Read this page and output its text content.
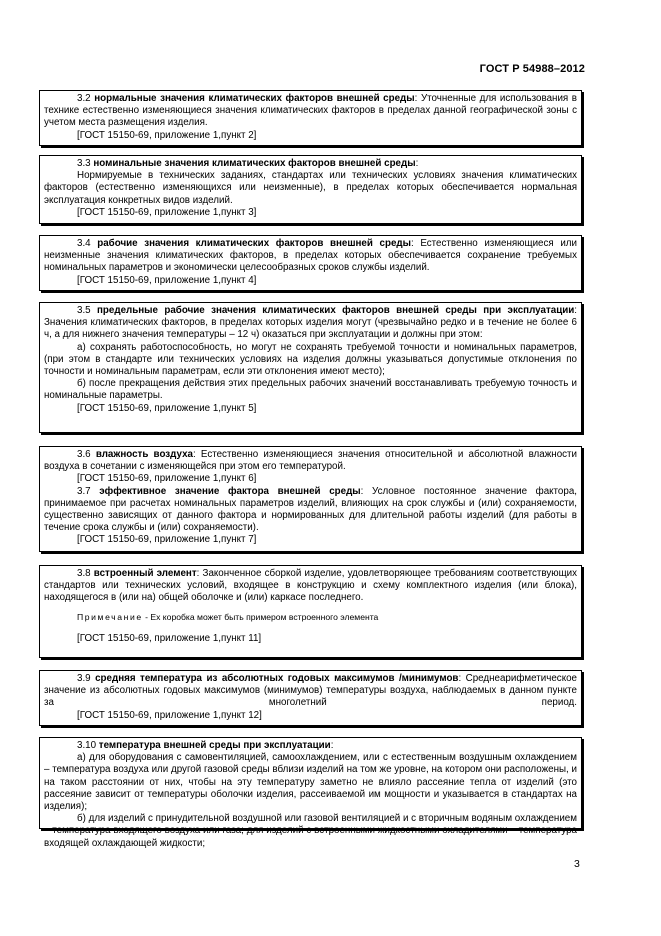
ГОСТ Р 54988–2012

3.2 нормальные значения климатических факторов внешней среды: Уточненные для использования в технике естественно изменяющиеся значения климатических факторов в пределах данной географической зоны с учетом места размещения изделия.

[ГОСТ 15150-69, приложение 1,пункт 2]

3.3 номинальные значения климатических факторов внешней среды:

Нормируемые в технических заданиях, стандартах или технических условиях значения климатических факторов (естественно изменяющихся или неизменные), в пределах которых обеспечивается нормальная эксплуатация конкретных видов изделий.

[ГОСТ 15150-69, приложение 1,пункт 3]

3.4 рабочие значения климатических факторов внешней среды: Естественно изменяющиеся или неизменные значения климатических факторов, в пределах которых обеспечивается сохранение требуемых номинальных параметров и экономически целесообразных сроков службы изделий.

[ГОСТ 15150-69, приложение 1,пункт 4]

3.5 предельные рабочие значения климатических факторов внешней среды при эксплуатации: Значения климатических факторов, в пределах которых изделия могут (чрезвычайно редко и в течение не более 6 ч, а для нижнего значения температуры – 12 ч) оказаться при эксплуатации и должны при этом:

а) сохранять работоспособность, но могут не сохранять требуемой точности и номинальных параметров, (при этом в стандарте или технических условиях на изделия должны указываться допустимые отклонения по точности и номинальным параметрам, если эти отклонения имеют место);

б) после прекращения действия этих предельных рабочих значений восстанавливать требуемую точность и номинальные параметры.

[ГОСТ 15150-69, приложение 1,пункт 5]

3.6 влажность воздуха: Естественно изменяющиеся значения относительной и абсолютной влажности воздуха в сочетании с изменяющейся при этом его температурой.

[ГОСТ 15150-69, приложение 1,пункт 6]

3.7 эффективное значение фактора внешней среды: Условное постоянное значение фактора, принимаемое при расчетах номинальных параметров изделий, влияющих на срок службы и (или) сохраняемости, существенно зависящих от данного фактора и нормированных для длительной работы изделий (для работы в течение срока службы и (или) сохраняемости).

[ГОСТ 15150-69, приложение 1,пункт 7]

3.8 встроенный элемент: Законченное сборкой изделие, удовлетворяющее требованиям соответствующих стандартов или технических условий, входящее в конструкцию и схему комплектного изделия (или блока), находящегося в (или на) общей оболочке и (или) каркасе последнего.

Примечание - Ех коробка может быть примером встроенного элемента

[ГОСТ 15150-69, приложение 1,пункт 11]

3.9 средняя температура из абсолютных годовых максимумов /минимумов: Среднеарифметическое значение из абсолютных годовых максимумов (минимумов) температуры воздуха, наблюдаемых в данном пункте за многолетний период.

[ГОСТ 15150-69, приложение 1,пункт 12]

3.10 температура внешней среды при эксплуатации:

а) для оборудования с самовентиляцией, самоохлаждением, или с естественным воздушным охлаждением – температура воздуха или другой газовой среды вблизи изделий на том же уровне, на котором они расположены, и на таком расстоянии от них, чтобы на эту температуру заметно не влияло рассеяние тепла от изделий (это рассеяние зависит от температуры оболочки изделия, рассеиваемой им мощности и указывается в стандартах на изделия);

б) для изделий с принудительной воздушной или газовой вентиляцией и с вторичным водяным охлаждением – температура входящего воздуха или газа; для изделий с встроенными жидкостными охладителями – температура входящей охлаждающей жидкости;

3
